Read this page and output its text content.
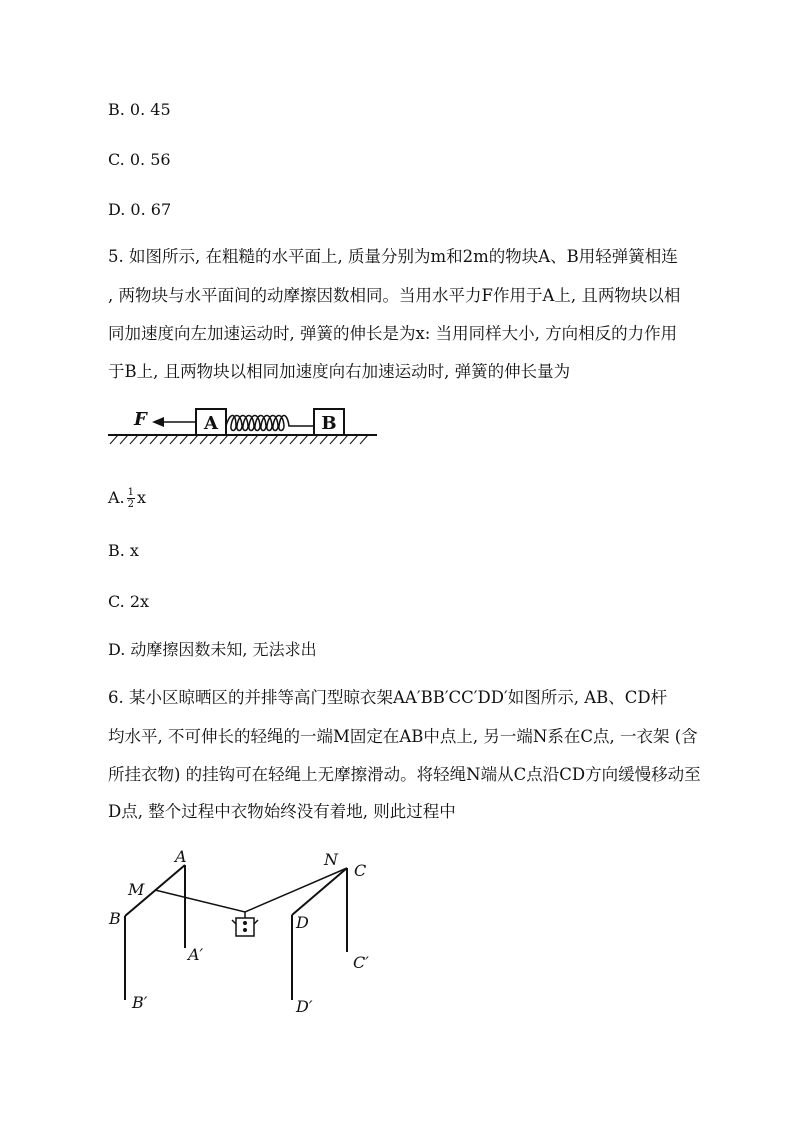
B. 0. 45
C. 0. 56
D. 0. 67
5. 如图所示, 在粗糙的水平面上, 质量分别为m和2m的物块A、B用轻弹簧相连
, 两物块与水平面间的动摩擦因数相同。当用水平力F作用于A上, 且两物块以相
同加速度向左加速运动时, 弹簧的伸长是为x: 当用同样大小, 方向相反的力作用
于B上, 且两物块以相同加速度向右加速运动时, 弹簧的伸长量为
F	A	B
A. $\frac{1}{2}$ x
B. x
C. 2x
D. 动摩擦因数未知, 无法求出
6. 某小区晾晒区的并排等高门型晾衣架AA′BB′CC′DD′如图所示, AB、CD杆
均水平, 不可伸长的轻绳的一端M固定在AB中点上, 另一端N系在C点, 一衣架 (含
所挂衣物) 的挂钩可在轻绳上无摩擦滑动。将轻绳N端从C点沿CD方向缓慢移动至
D点, 整个过程中衣物始终没有着地, 则此过程中
A
M
B
A′
B′
N
C
D
C′
D′
